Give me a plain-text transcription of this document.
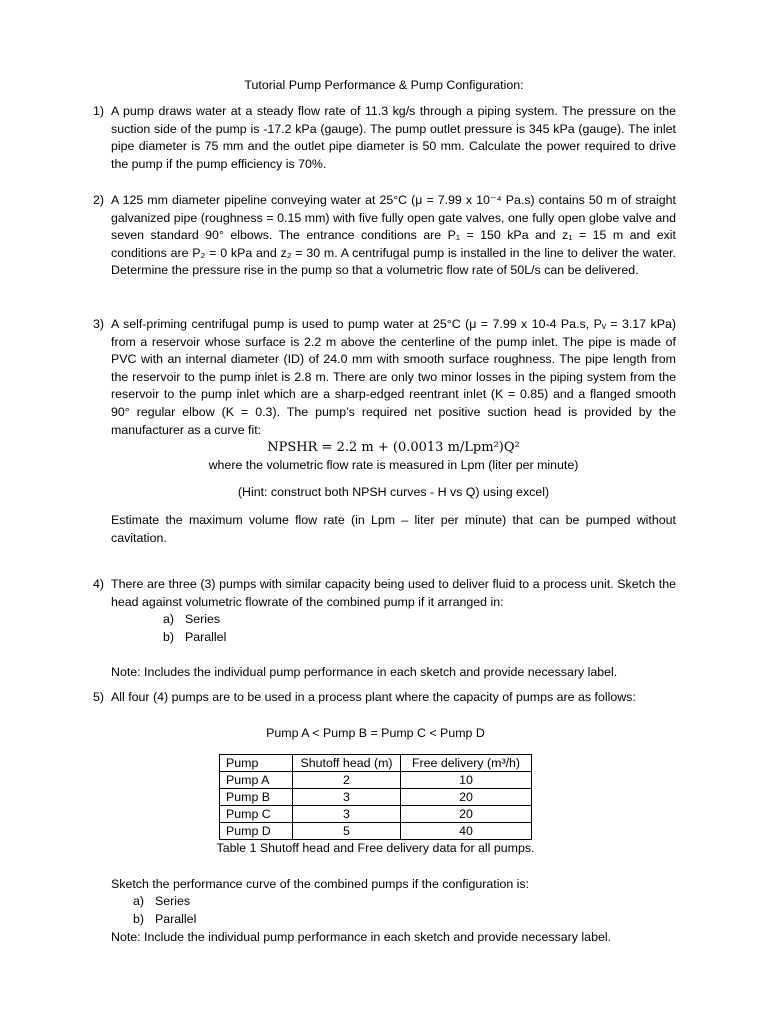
Tutorial Pump Performance & Pump Configuration:
1) A pump draws water at a steady flow rate of 11.3 kg/s through a piping system. The pressure on the suction side of the pump is -17.2 kPa (gauge). The pump outlet pressure is 345 kPa (gauge). The inlet pipe diameter is 75 mm and the outlet pipe diameter is 50 mm. Calculate the power required to drive the pump if the pump efficiency is 70%.

2) A 125 mm diameter pipeline conveying water at 25°C (μ = 7.99 x 10⁻⁴ Pa.s) contains 50 m of straight galvanized pipe (roughness = 0.15 mm) with five fully open gate valves, one fully open globe valve and seven standard 90° elbows. The entrance conditions are P₁ = 150 kPa and z₁ = 15 m and exit conditions are P₂ = 0 kPa and z₂ = 30 m. A centrifugal pump is installed in the line to deliver the water. Determine the pressure rise in the pump so that a volumetric flow rate of 50L/s can be delivered.

3) A self-priming centrifugal pump is used to pump water at 25°C (μ = 7.99 x 10-4 Pa.s, Pᵥ = 3.17 kPa) from a reservoir whose surface is 2.2 m above the centerline of the pump inlet. The pipe is made of PVC with an internal diameter (ID) of 24.0 mm with smooth surface roughness. The pipe length from the reservoir to the pump inlet is 2.8 m. There are only two minor losses in the piping system from the reservoir to the pump inlet which are a sharp-edged reentrant inlet (K = 0.85) and a flanged smooth 90° regular elbow (K = 0.3). The pump’s required net positive suction head is provided by the manufacturer as a curve fit:

NPSHR = 2.2 m + (0.0013 m/Lpm²)Q²

where the volumetric flow rate is measured in Lpm (liter per minute)

(Hint: construct both NPSH curves - H vs Q) using excel)

Estimate the maximum volume flow rate (in Lpm – liter per minute) that can be pumped without cavitation.

4) There are three (3) pumps with similar capacity being used to deliver fluid to a process unit. Sketch the head against volumetric flowrate of the combined pump if it arranged in:

a) Series
b) Parallel

Note: Includes the individual pump performance in each sketch and provide necessary label.

5) All four (4) pumps are to be used in a process plant where the capacity of pumps are as follows:

Pump A < Pump B = Pump C < Pump D

Pump	Shutoff head (m)	Free delivery (m³/h)
Pump A	2	10
Pump B	3	20
Pump C	3	20
Pump D	5	40

Table 1 Shutoff head and Free delivery data for all pumps.

Sketch the performance curve of the combined pumps if the configuration is:

a) Series
b) Parallel

Note: Include the individual pump performance in each sketch and provide necessary label.
